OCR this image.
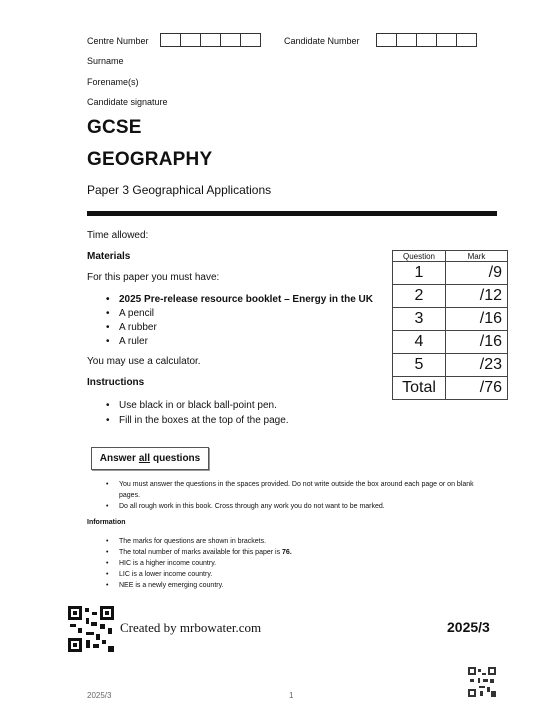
Centre Number	Candidate Number
Surname
Forename(s)
Candidate signature
GCSE
GEOGRAPHY
Paper 3 Geographical Applications
Time allowed:
Materials
For this paper you must have:
• 2025 Pre-release resource booklet – Energy in the UK
• A pencil
• A rubber
• A ruler
You may use a calculator.
Instructions
• Use black in or black ball-point pen.
• Fill in the boxes at the top of the page.
Question	Mark
1	/9
2	/12
3	/16
4	/16
5	/23
Total	/76
Answer all questions
• You must answer the questions in the spaces provided. Do not write outside the box around each page or on blank pages.
• Do all rough work in this book. Cross through any work you do not want to be marked.
Information
• The marks for questions are shown in brackets.
• The total number of marks available for this paper is 76.
• HIC is a higher income country.
• LIC is a lower income country.
• NEE is a newly emerging country.
Created by mrbowater.com	2025/3
2025/3	1
